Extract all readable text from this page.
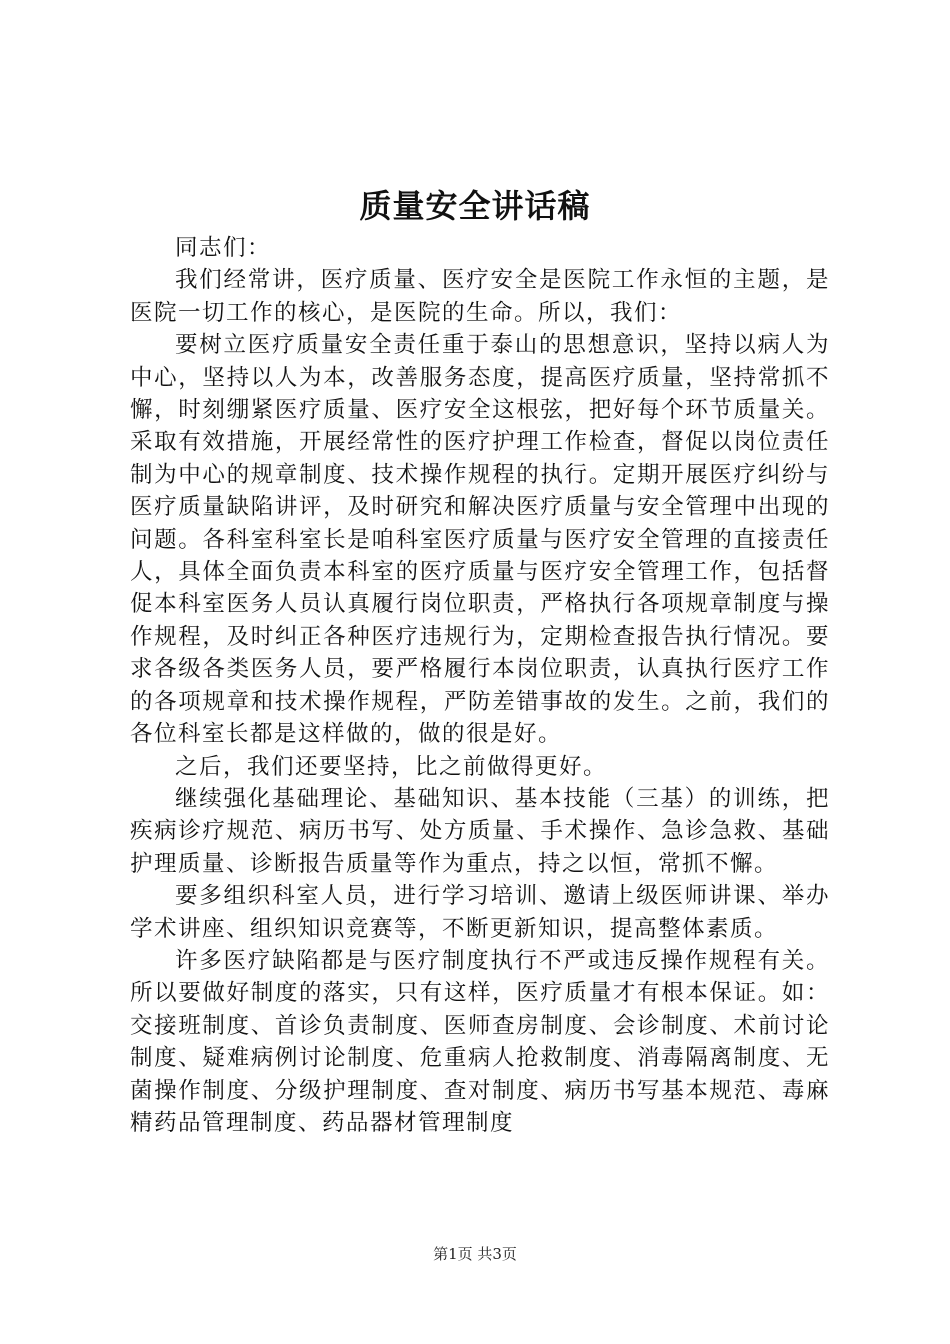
质量安全讲话稿

同志们：

我们经常讲，医疗质量、医疗安全是医院工作永恒的主题，是医院一切工作的核心，是医院的生命。所以，我们：

要树立医疗质量安全责任重于泰山的思想意识，坚持以病人为中心，坚持以人为本，改善服务态度，提高医疗质量，坚持常抓不懈，时刻绷紧医疗质量、医疗安全这根弦，把好每个环节质量关。采取有效措施，开展经常性的医疗护理工作检查，督促以岗位责任制为中心的规章制度、技术操作规程的执行。定期开展医疗纠纷与医疗质量缺陷讲评，及时研究和解决医疗质量与安全管理中出现的问题。各科室科室长是咱科室医疗质量与医疗安全管理的直接责任人，具体全面负责本科室的医疗质量与医疗安全管理工作，包括督促本科室医务人员认真履行岗位职责，严格执行各项规章制度与操作规程，及时纠正各种医疗违规行为，定期检查报告执行情况。要求各级各类医务人员，要严格履行本岗位职责，认真执行医疗工作的各项规章和技术操作规程，严防差错事故的发生。之前，我们的各位科室长都是这样做的，做的很是好。

之后，我们还要坚持，比之前做得更好。

继续强化基础理论、基础知识、基本技能（三基）的训练，把疾病诊疗规范、病历书写、处方质量、手术操作、急诊急救、基础护理质量、诊断报告质量等作为重点，持之以恒，常抓不懈。

要多组织科室人员，进行学习培训、邀请上级医师讲课、举办学术讲座、组织知识竞赛等，不断更新知识，提高整体素质。

许多医疗缺陷都是与医疗制度执行不严或违反操作规程有关。所以要做好制度的落实，只有这样，医疗质量才有根本保证。如：交接班制度、首诊负责制度、医师查房制度、会诊制度、术前讨论制度、疑难病例讨论制度、危重病人抢救制度、消毒隔离制度、无菌操作制度、分级护理制度、查对制度、病历书写基本规范、毒麻精药品管理制度、药品器材管理制度

第1页 共3页
